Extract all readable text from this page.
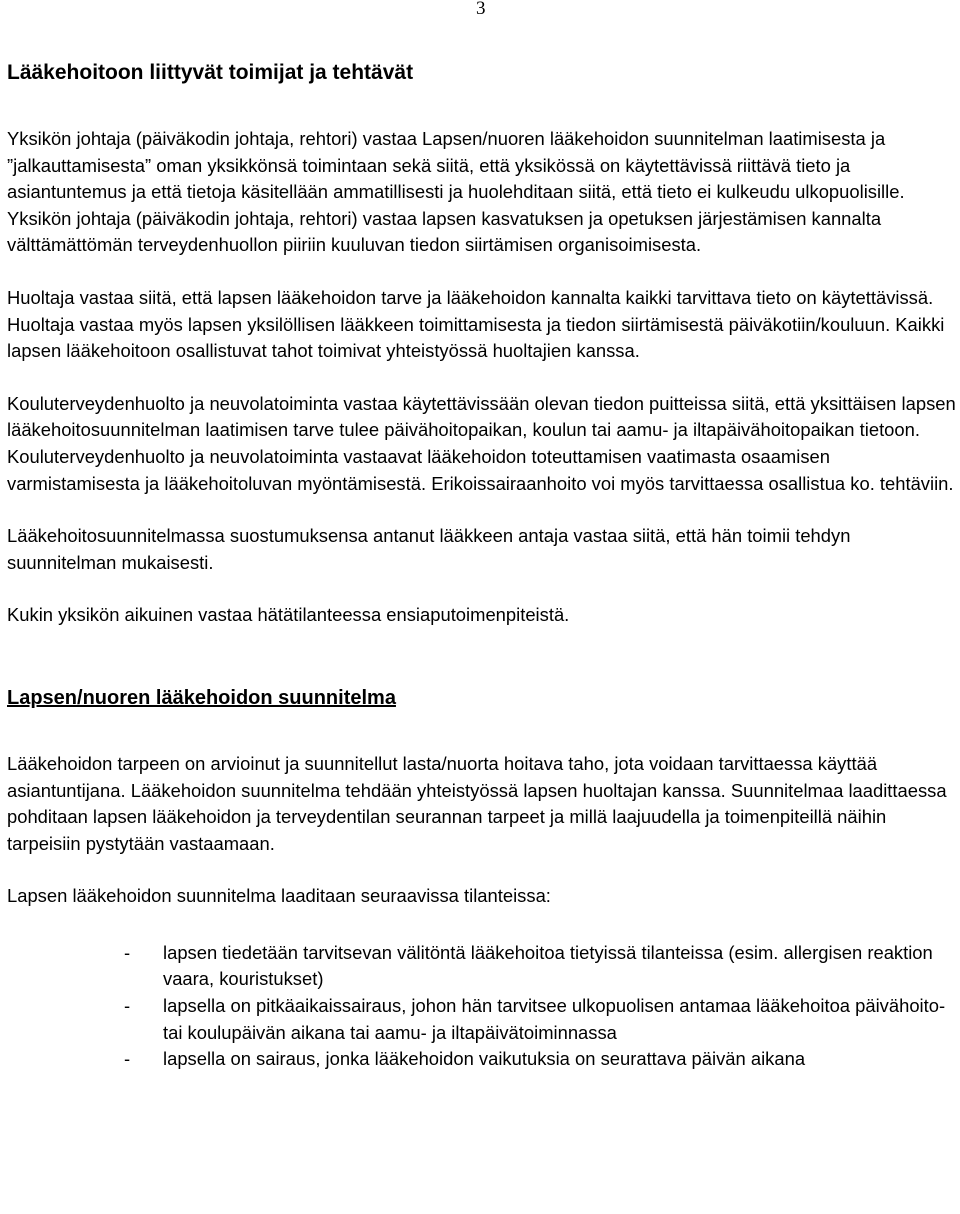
3
Lääkehoitoon liittyvät toimijat ja tehtävät

Yksikön johtaja (päiväkodin johtaja, rehtori) vastaa Lapsen/nuoren lääkehoidon suunnitelman laatimisesta ja ”jalkauttamisesta” oman yksikkönsä toimintaan sekä siitä, että yksikössä on käytettävissä riittävä tieto ja asiantuntemus ja että tietoja käsitellään ammatillisesti ja huolehditaan siitä, että tieto ei kulkeudu ulkopuolisille. Yksikön johtaja (päiväkodin johtaja, rehtori) vastaa lapsen kasvatuksen ja opetuksen järjestämisen kannalta välttämättömän terveydenhuollon piiriin kuuluvan tiedon siirtämisen organisoimisesta.

Huoltaja vastaa siitä, että lapsen lääkehoidon tarve ja lääkehoidon kannalta kaikki tarvittava tieto on käytettävissä. Huoltaja vastaa myös lapsen yksilöllisen lääkkeen toimittamisesta ja tiedon siirtämisestä päiväkotiin/kouluun. Kaikki lapsen lääkehoitoon osallistuvat tahot toimivat yhteistyössä huoltajien kanssa.

Kouluterveydenhuolto ja neuvolatoiminta vastaa käytettävissään olevan tiedon puitteissa siitä, että yksittäisen lapsen lääkehoitosuunnitelman laatimisen tarve tulee päivähoitopaikan, koulun tai aamu- ja iltapäivähoitopaikan tietoon. Kouluterveydenhuolto ja neuvolatoiminta vastaavat lääkehoidon toteuttamisen vaatimasta osaamisen varmistamisesta ja lääkehoitoluvan myöntämisestä. Erikoissairaanhoito voi myös tarvittaessa osallistua ko. tehtäviin.

Lääkehoitosuunnitelmassa suostumuksensa antanut lääkkeen antaja vastaa siitä, että hän toimii tehdyn suunnitelman mukaisesti.

Kukin yksikön aikuinen vastaa hätätilanteessa ensiaputoimenpiteistä.

Lapsen/nuoren lääkehoidon suunnitelma

Lääkehoidon tarpeen on arvioinut ja suunnitellut lasta/nuorta hoitava taho, jota voidaan tarvittaessa käyttää asiantuntijana. Lääkehoidon suunnitelma tehdään yhteistyössä lapsen huoltajan kanssa. Suunnitelmaa laadittaessa pohditaan lapsen lääkehoidon ja terveydentilan seurannan tarpeet ja millä laajuudella ja toimenpiteillä näihin tarpeisiin pystytään vastaamaan.

Lapsen lääkehoidon suunnitelma laaditaan seuraavissa tilanteissa:

- lapsen tiedetään tarvitsevan välitöntä lääkehoitoa tietyissä tilanteissa (esim. allergisen reaktion vaara, kouristukset)
- lapsella on pitkäaikaissairaus, johon hän tarvitsee ulkopuolisen antamaa lääkehoitoa päivähoito- tai koulupäivän aikana tai aamu- ja iltapäivätoiminnassa
- lapsella on sairaus, jonka lääkehoidon vaikutuksia on seurattava päivän aikana
